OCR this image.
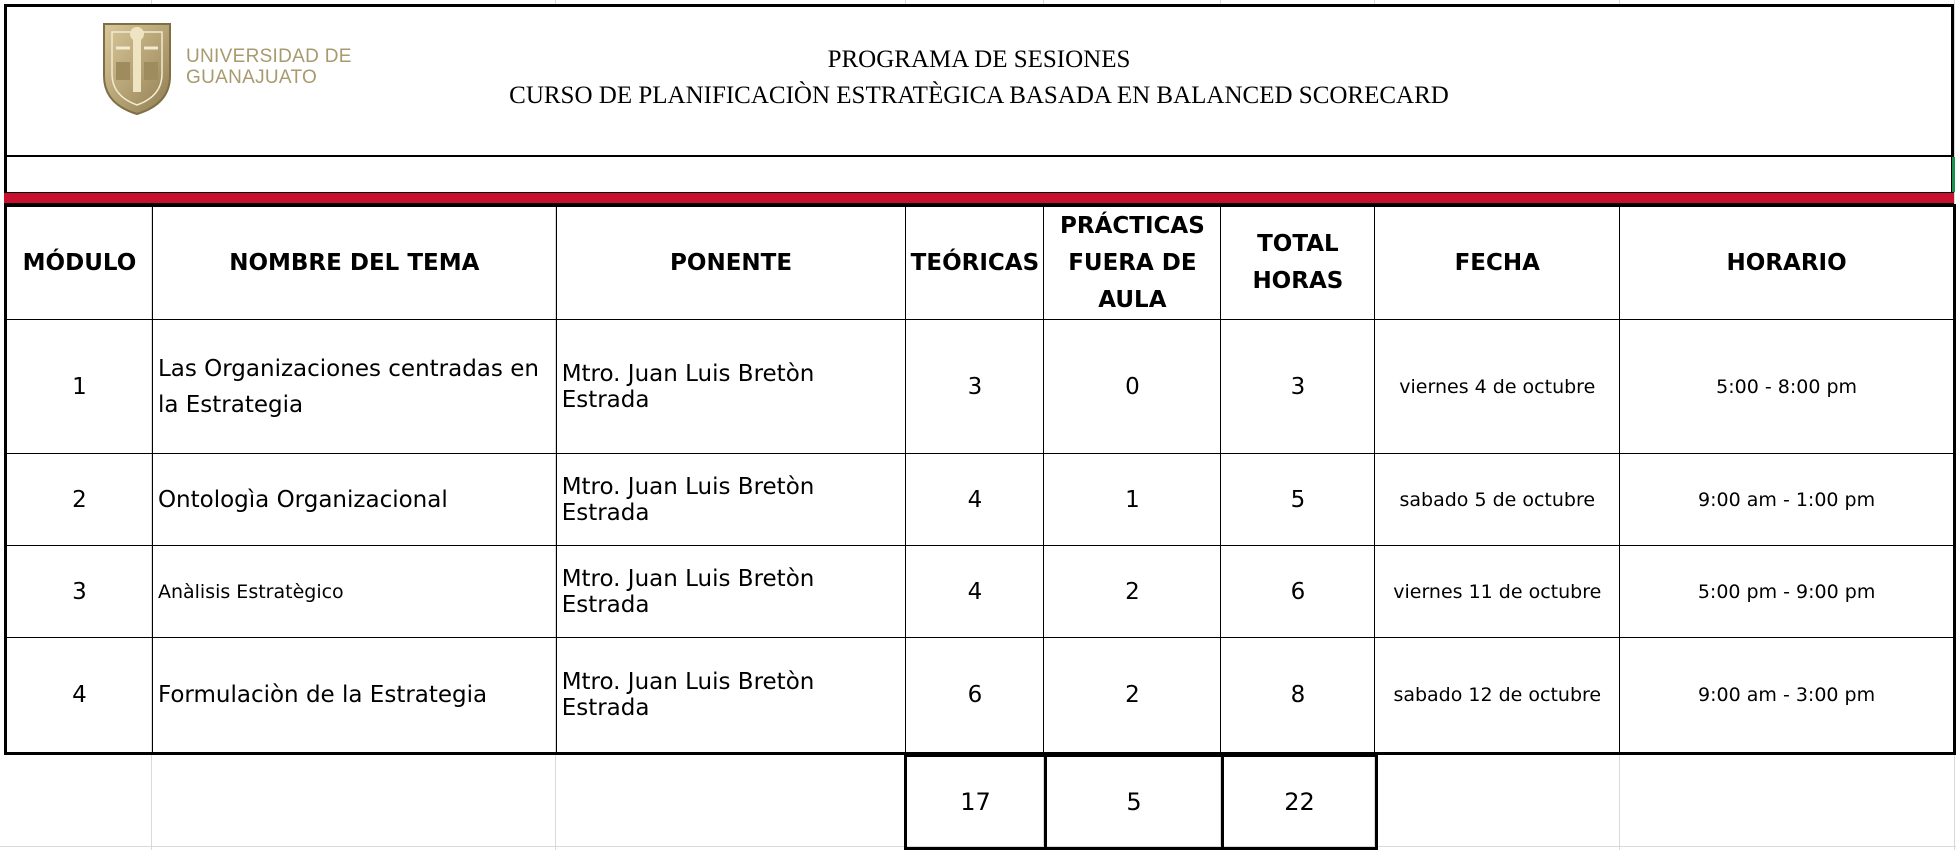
UNIVERSIDAD DE
GUANAJUATO
PROGRAMA DE SESIONES
CURSO DE PLANIFICACIÒN ESTRATÈGICA BASADA EN BALANCED SCORECARD
MÓDULO	NOMBRE DEL TEMA	PONENTE	TEÓRICAS	PRÁCTICAS FUERA DE AULA	TOTAL HORAS	FECHA	HORARIO
1	Las Organizaciones centradas en la Estrategia	Mtro. Juan Luis Bretòn Estrada	3	0	3	viernes 4 de octubre	5:00 - 8:00 pm
2	Ontologìa Organizacional	Mtro. Juan Luis Bretòn Estrada	4	1	5	sabado 5 de octubre	9:00 am - 1:00 pm
3	Anàlisis Estratègico	Mtro. Juan Luis Bretòn Estrada	4	2	6	viernes 11 de octubre	5:00 pm - 9:00 pm
4	Formulaciòn de la Estrategia	Mtro. Juan Luis Bretòn Estrada	6	2	8	sabado 12 de octubre	9:00 am - 3:00 pm
17	5	22
